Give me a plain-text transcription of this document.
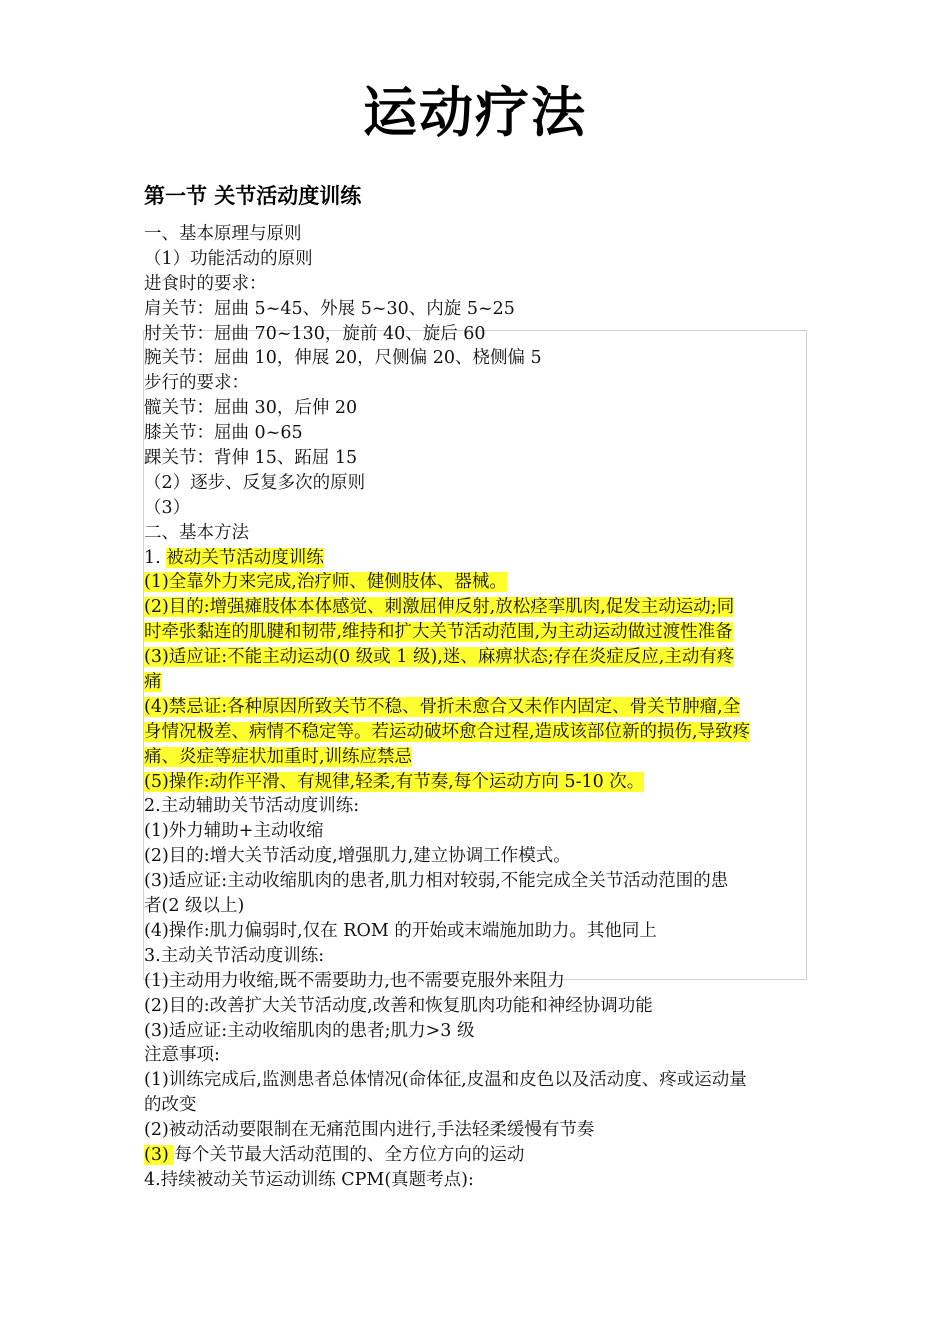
运动疗法
第一节 关节活动度训练
一、基本原理与原则
（1）功能活动的原则
进食时的要求：
肩关节：屈曲 5~45、外展 5~30、内旋 5~25
肘关节：屈曲 70~130，旋前 40、旋后 60
腕关节：屈曲 10，伸展 20，尺侧偏 20、桡侧偏 5
步行的要求：
髋关节：屈曲 30，后伸 20
膝关节：屈曲 0~65
踝关节：背伸 15、跖屈 15
（2）逐步、反复多次的原则
（3）
二、基本方法
1. 被动关节活动度训练
(1)全靠外力来完成,治疗师、健侧肢体、器械。
(2)目的:增强瘫肢体本体感觉、刺激屈伸反射,放松痉挛肌肉,促发主动运动;同
时牵张黏连的肌腱和韧带,维持和扩大关节活动范围,为主动运动做过渡性准备
(3)适应证:不能主动运动(0 级或 1 级),迷、麻痹状态;存在炎症反应,主动有疼
痛
(4)禁忌证:各种原因所致关节不稳、骨折未愈合又未作内固定、骨关节肿瘤,全
身情况极差、病情不稳定等。若运动破坏愈合过程,造成该部位新的损伤,导致疼
痛、炎症等症状加重时,训练应禁忌
(5)操作:动作平滑、有规律,轻柔,有节奏,每个运动方向 5-10 次。
2.主动辅助关节活动度训练:
(1)外力辅助+主动收缩
(2)目的:增大关节活动度,增强肌力,建立协调工作模式。
(3)适应证:主动收缩肌肉的患者,肌力相对较弱,不能完成全关节活动范围的患
者(2 级以上)
(4)操作:肌力偏弱时,仅在 ROM 的开始或末端施加助力。其他同上
3.主动关节活动度训练:
(1)主动用力收缩,既不需要助力,也不需要克服外来阻力
(2)目的:改善扩大关节活动度,改善和恢复肌肉功能和神经协调功能
(3)适应证:主动收缩肌肉的患者;肌力>3 级
注意事项:
(1)训练完成后,监测患者总体情况(命体征,皮温和皮色以及活动度、疼或运动量
的改变
(2)被动活动要限制在无痛范围内进行,手法轻柔缓慢有节奏
(3) 每个关节最大活动范围的、全方位方向的运动
4.持续被动关节运动训练 CPM(真题考点):
